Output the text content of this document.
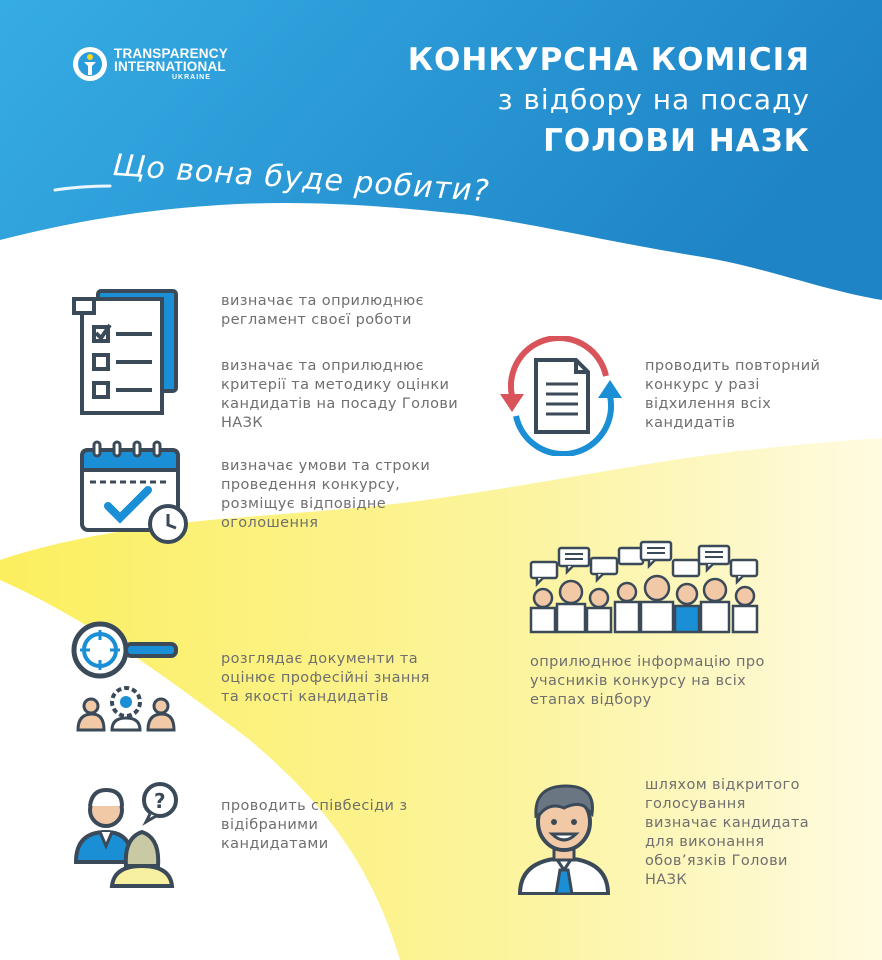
TRANSPARENCY
INTERNATIONAL
UKRAINE	КОНКУРСНА КОМІСІЯ
з відбору на посаду
ГОЛОВИ НАЗК
Що вона буде робити?
визначає та оприлюднює регламент своєї роботи
визначає та оприлюднює критерії та методику оцінки кандидатів на посаду Голови НАЗК
визначає умови та строки проведення конкурсу, розміщує відповідне оголошення
проводить повторний конкурс у разі відхилення всіх кандидатів
оприлюднює інформацію про учасників конкурсу на всіх етапах відбору
розглядає документи та оцінює професійні знання та якості кандидатів
?	проводить співбесіди з відібраними кандидатами
шляхом відкритого голосування визначає кандидата для виконання обов’язків Голови НАЗК
